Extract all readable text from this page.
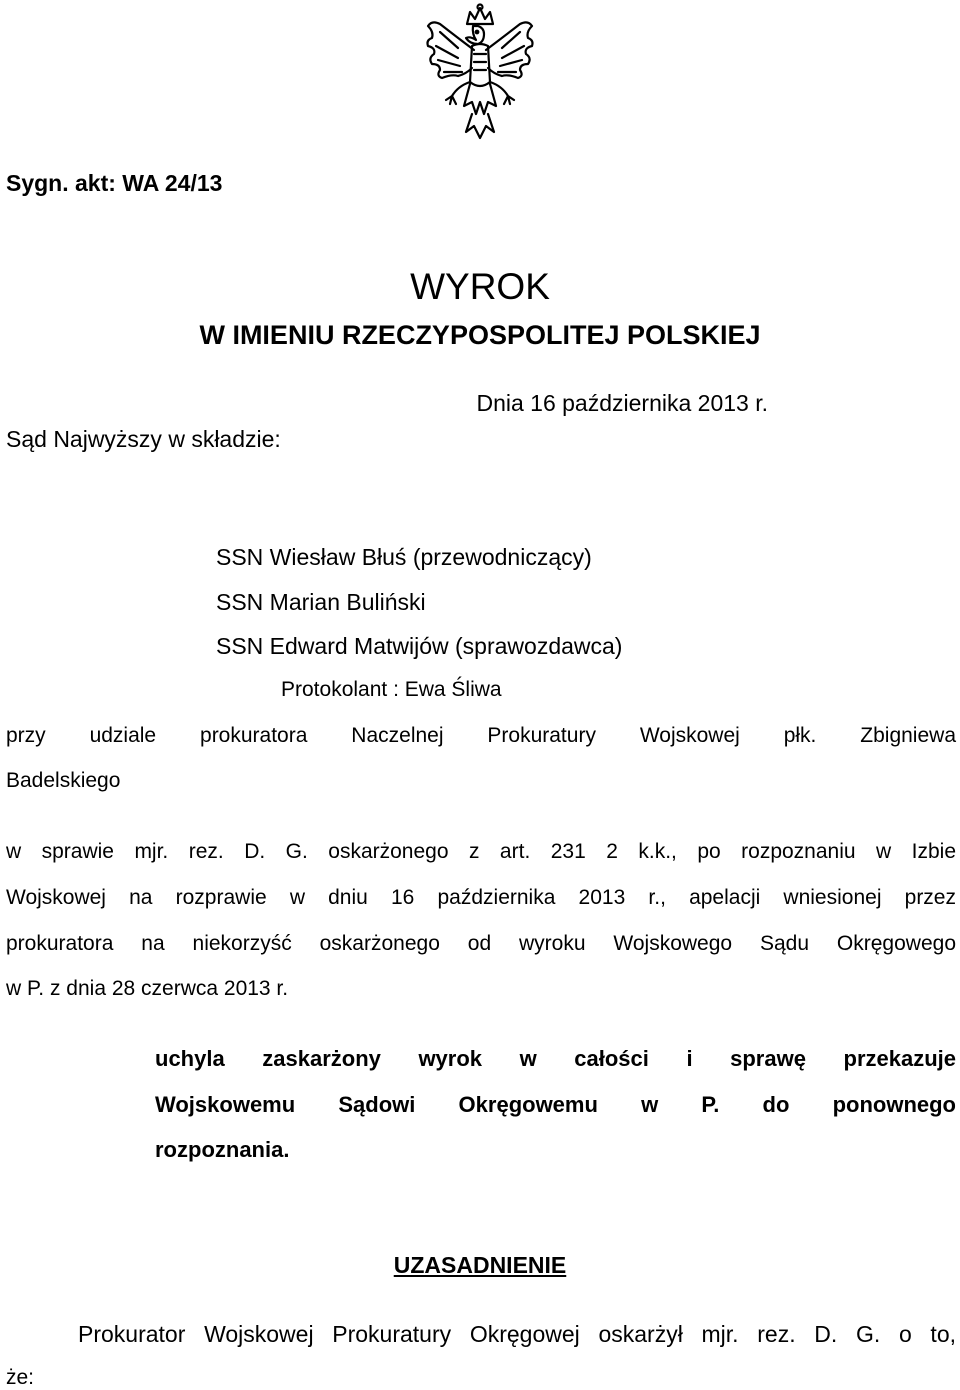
Sygn. akt: WA 24/13
WYROK
W IMIENIU RZECZYPOSPOLITEJ POLSKIEJ
Dnia 16 października 2013 r.
Sąd Najwyższy w składzie:
SSN Wiesław Błuś (przewodniczący)
SSN Marian Buliński
SSN Edward Matwijów (sprawozdawca)
Protokolant : Ewa Śliwa
przy udziale prokuratora Naczelnej Prokuratury Wojskowej płk. Zbigniewa
Badelskiego
w sprawie mjr. rez. D. G. oskarżonego z art. 231 2 k.k., po rozpoznaniu w Izbie
Wojskowej na rozprawie w dniu 16 października 2013 r., apelacji wniesionej przez
prokuratora na niekorzyść oskarżonego od wyroku Wojskowego Sądu Okręgowego
w P. z dnia 28 czerwca 2013 r.
uchyla zaskarżony wyrok w całości i sprawę przekazuje
Wojskowemu Sądowi Okręgowemu w P. do ponownego
rozpoznania.
UZASADNIENIE
Prokurator Wojskowej Prokuratury Okręgowej oskarżył mjr. rez. D. G. o to,
że:
